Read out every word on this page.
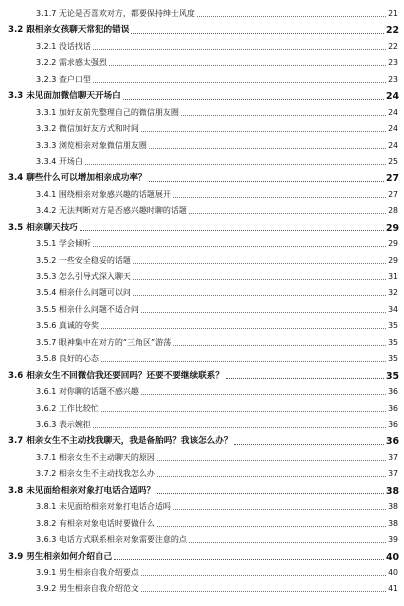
3.1.7 无论是否喜欢对方，都要保持绅士风度	21
3.2 跟相亲女孩聊天常犯的错误	22
3.2.1 没话找话	22
3.2.2 需求感太强烈	23
3.2.3 查户口型	23
3.3 未见面加微信聊天开场白	24
3.3.1 加好友前先整理自己的微信朋友圈	24
3.3.2 微信加好友方式和时间	24
3.3.3 浏览相亲对象微信朋友圈	24
3.3.4 开场白	25
3.4 聊些什么可以增加相亲成功率？	27
3.4.1 围绕相亲对象感兴趣的话题展开	27
3.4.2 无法判断对方是否感兴趣时聊的话题	28
3.5 相亲聊天技巧	29
3.5.1 学会倾听	29
3.5.2 一些安全稳妥的话题	29
3.5.3 怎么引导式深入聊天	31
3.5.4 相亲什么问题可以问	32
3.5.5 相亲什么问题不适合问	34
3.5.6 真诚的夸奖	35
3.5.7 眼神集中在对方的“三角区”游荡	35
3.5.8 良好的心态	35
3.6 相亲女生不回微信我还要回吗？还要不要继续联系？	35
3.6.1 对你聊的话题不感兴趣	36
3.6.2 工作比较忙	36
3.6.3 表示婉拒	36
3.7 相亲女生不主动找我聊天，我是备胎吗？我该怎么办？	36
3.7.1 相亲女生不主动聊天的原因	37
3.7.2 相亲女生不主动找我怎么办	37
3.8 未见面给相亲对象打电话合适吗？	38
3.8.1 未见面给相亲对象打电话合适吗	38
3.8.2 有相亲对象电话时要做什么	38
3.6.3 电话方式联系相亲对象需要注意的点	39
3.9 男生相亲如何介绍自己	40
3.9.1 男生相亲自我介绍要点	40
3.9.2 男生相亲自我介绍范文	41
